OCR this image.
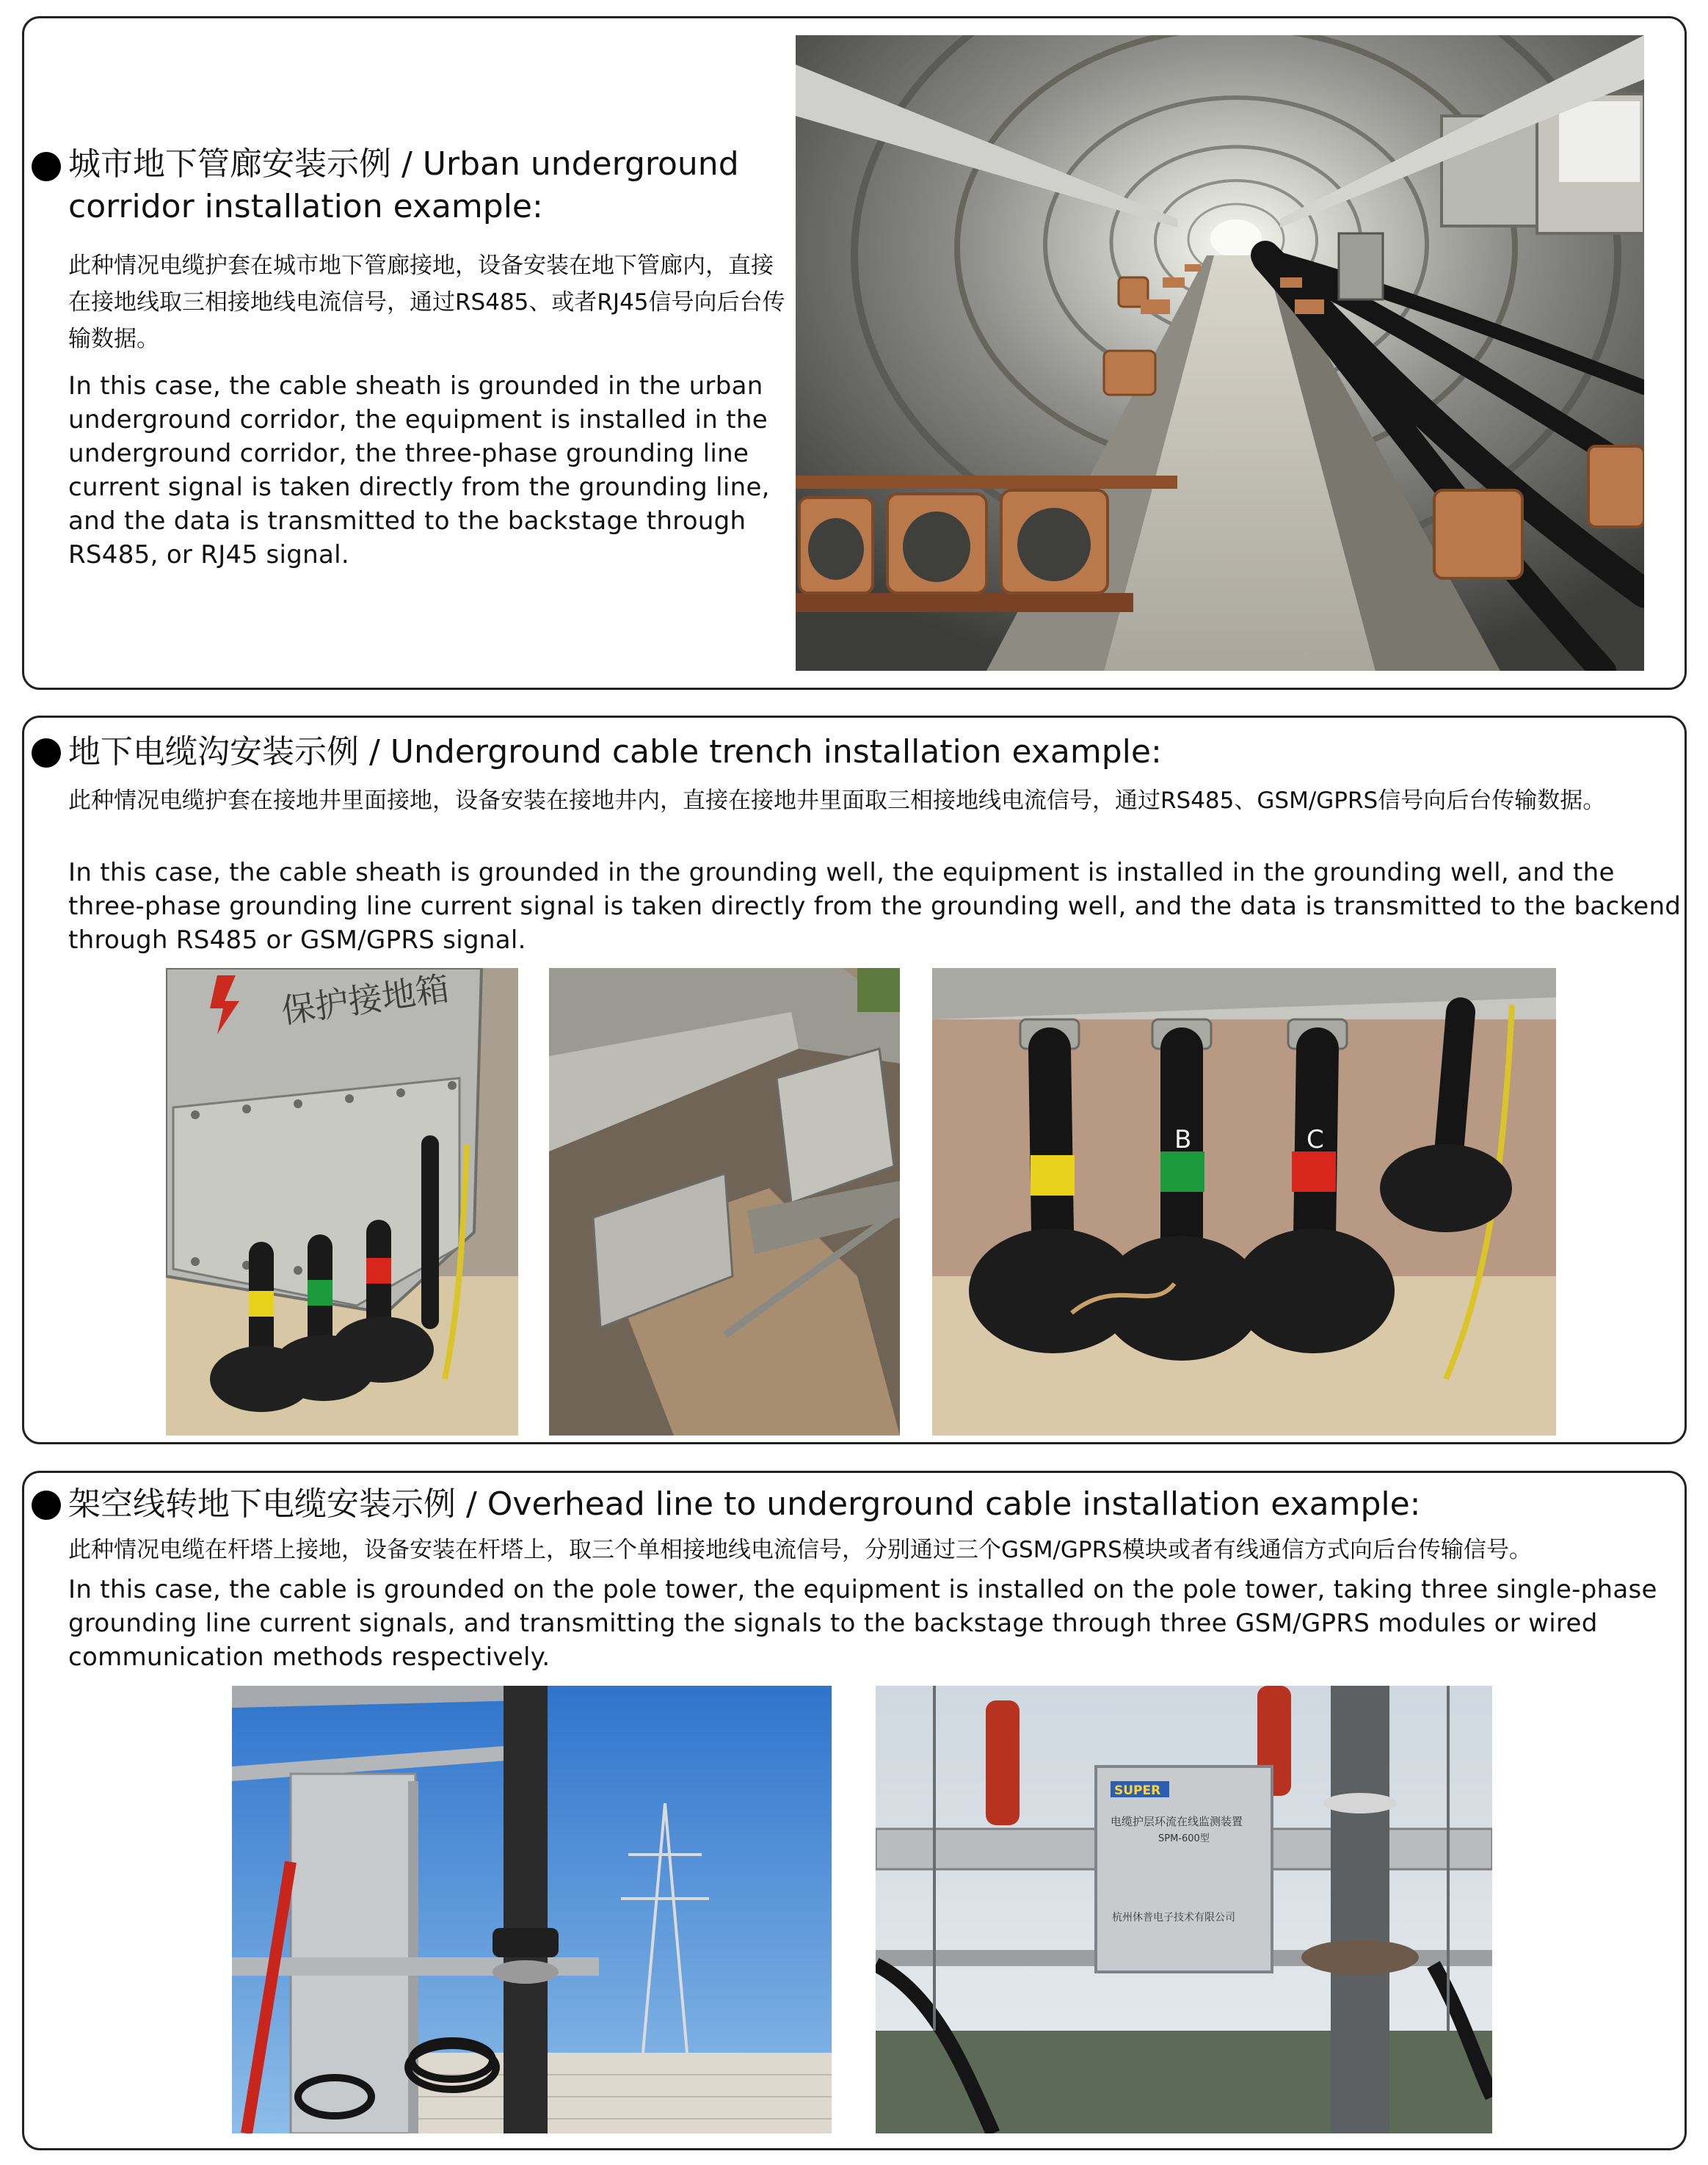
城市地下管廊安装示例 / Urban underground corridor installation example:
此种情况电缆护套在城市地下管廊接地，设备安装在地下管廊内，直接在接地线取三相接地线电流信号，通过RS485、或者RJ45信号向后台传输数据。
In this case, the cable sheath is grounded in the urban underground corridor, the equipment is installed in the underground corridor, the three-phase grounding line current signal is taken directly from the grounding line, and the data is transmitted to the backstage through RS485, or RJ45 signal.
地下电缆沟安装示例 / Underground cable trench installation example:
此种情况电缆护套在接地井里面接地，设备安装在接地井内，直接在接地井里面取三相接地线电流信号，通过RS485、GSM/GPRS信号向后台传输数据。
In this case, the cable sheath is grounded in the grounding well, the equipment is installed in the grounding well, and the three-phase grounding line current signal is taken directly from the grounding well, and the data is transmitted to the backend through RS485 or GSM/GPRS signal.
保护接地箱
B	C
架空线转地下电缆安装示例 / Overhead line to underground cable installation example:
此种情况电缆在杆塔上接地，设备安装在杆塔上，取三个单相接地线电流信号，分别通过三个GSM/GPRS模块或者有线通信方式向后台传输信号。
In this case, the cable is grounded on the pole tower, the equipment is installed on the pole tower, taking three single-phase grounding line current signals, and transmitting the signals to the backstage through three GSM/GPRS modules or wired communication methods respectively.
SUPER
电缆护层环流在线监测装置
SPM-600型
杭州休普电子技术有限公司
